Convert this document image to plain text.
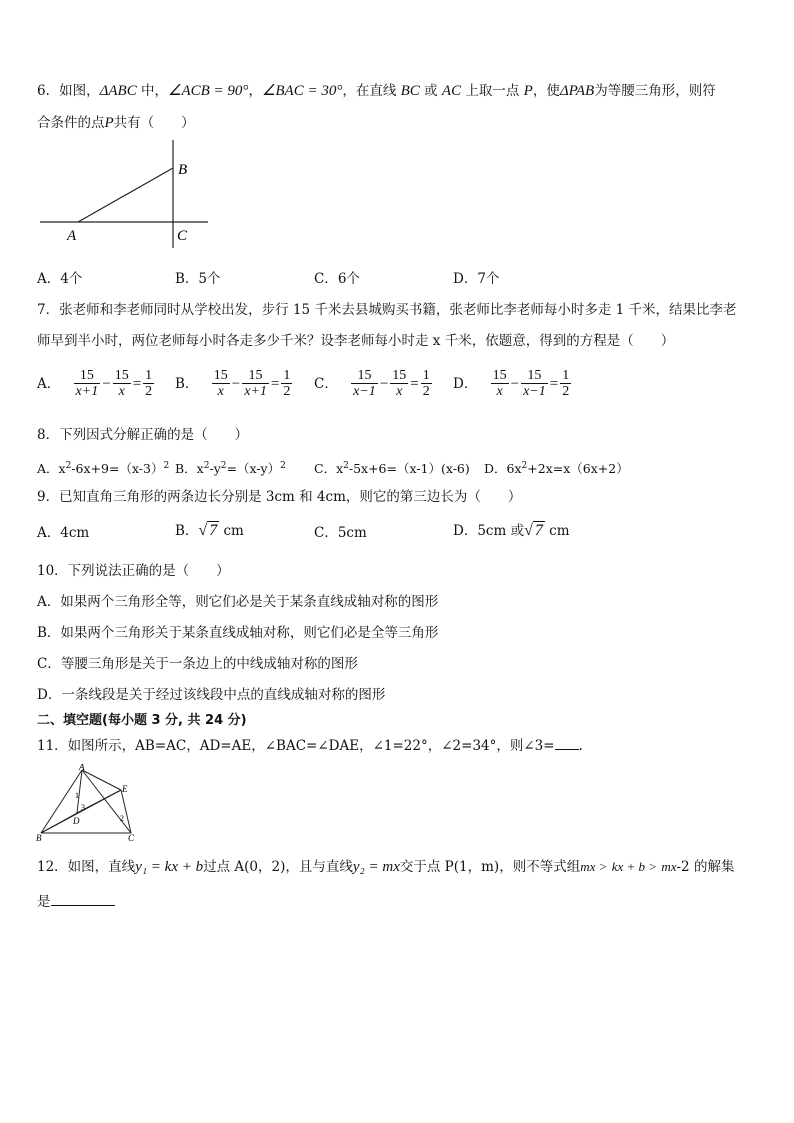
6．如图，ΔABC 中，∠ACB = 90°，∠BAC = 30°，在直线 BC 或 AC 上取一点 P，使ΔPAB为等腰三角形，则符
合条件的点P共有（　　）
A
B
C
A．4个	B．5个	C．6个	D．7个
7．张老师和李老师同时从学校出发，步行 15 千米去县城购买书籍，张老师比李老师每小时多走 1 千米，结果比李老
师早到半小时，两位老师每小时各走多少千米？设李老师每小时走 x 千米，依题意，得到的方程是（　　）
A． $\frac{15}{x+1} - \frac{15}{x} = \frac{1}{2}$ B． $\frac{15}{x} - \frac{15}{x+1} = \frac{1}{2}$ C． $\frac{15}{x-1} - \frac{15}{x} = \frac{1}{2}$ D． $\frac{15}{x} - \frac{15}{x-1} = \frac{1}{2}$
8．下列因式分解正确的是（　　）
A．$x^2-6x+9=(x-3)^2$ B．$x^2-y^2=(x-y)^2$ C．$x^2-5x+6=(x-1)(x-6)$ D．$6x^2+2x=x(6x+2)$
9．已知直角三角形的两条边长分别是 3cm 和 4cm，则它的第三边长为（　　）
A．4cm	B．√ 7 cm	C．5cm	D．5cm 或√ 7 cm
10．下列说法正确的是（　　）
A．如果两个三角形全等，则它们必是关于某条直线成轴对称的图形
B．如果两个三角形关于某条直线成轴对称，则它们必是全等三角形
C．等腰三角形是关于一条边上的中线成轴对称的图形
D．一条线段是关于经过该线段中点的直线成轴对称的图形
二、填空题(每小题 3 分, 共 24 分)
11．如图所示，AB=AC，AD=AE，∠BAC=∠DAE，∠1=22°，∠2=34°，则∠3= .
A
E
B
D
C
1
2
3
12．如图，直线y₁ = kx + b过点 A(0，2)，且与直线y₂ = mx交于点 P(1，m)，则不等式组mx > kx + b > mx-2 的解集
是
